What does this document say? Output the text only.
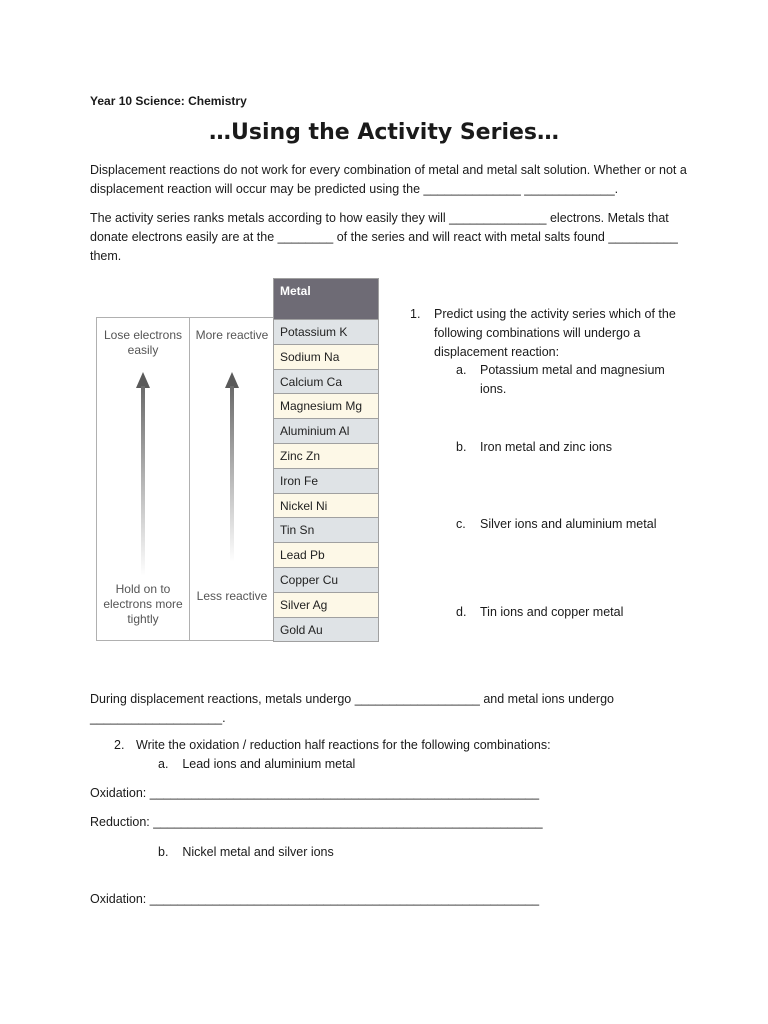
Year 10 Science: Chemistry
…Using the Activity Series…
Displacement reactions do not work for every combination of metal and metal salt solution. Whether or not a displacement reaction will occur may be predicted using the ______________ _____________.
The activity series ranks metals according to how easily they will ______________ electrons. Metals that donate electrons easily are at the ________ of the series and will react with metal salts found __________ them.
Lose electrons easily
Hold on to electrons more tightly
More reactive
Less reactive
Metal
Potassium K
Sodium Na
Calcium Ca
Magnesium Mg
Aluminium Al
Zinc Zn
Iron Fe
Nickel Ni
Tin Sn
Lead Pb
Copper Cu
Silver Ag
Gold Au
1. Predict using the activity series which of the following combinations will undergo a displacement reaction:
a. Potassium metal and magnesium ions.
b. Iron metal and zinc ions
c. Silver ions and aluminium metal
d. Tin ions and copper metal
During displacement reactions, metals undergo __________________ and metal ions undergo ___________________.
2. Write the oxidation / reduction half reactions for the following combinations:
a.    Lead ions and aluminium metal
Oxidation: ________________________________________________________
Reduction: ________________________________________________________
b.    Nickel metal and silver ions
Oxidation: ________________________________________________________
